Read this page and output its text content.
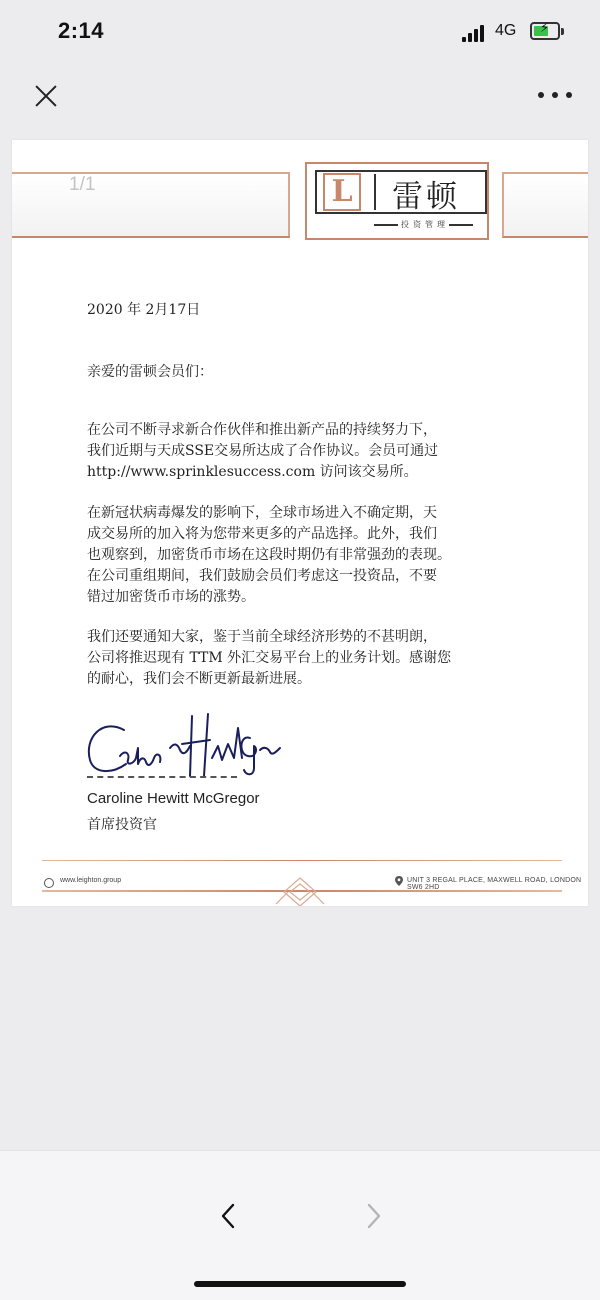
2:14	4G ⚡
1/1	L 雷顿
投资管理

2020 年 2月17日

亲爱的雷顿会员们：

在公司不断寻求新合作伙伴和推出新产品的持续努力下，

我们近期与天成SSE交易所达成了合作协议。会员可通过

http://www.sprinklesuccess.com 访问该交易所。

在新冠状病毒爆发的影响下，全球市场进入不确定期，天

成交易所的加入将为您带来更多的产品选择。此外，我们

也观察到，加密货币市场在这段时期仍有非常强劲的表现。

在公司重组期间，我们鼓励会员们考虑这一投资品，不要

错过加密货币市场的涨势。

我们还要通知大家，鉴于当前全球经济形势的不甚明朗，

公司将推迟现有 TTM 外汇交易平台上的业务计划。感谢您

的耐心，我们会不断更新最新进展。

Caroline Hewitt McGregor
首席投资官
www.leighton.group	UNIT 3 REGAL PLACE, MAXWELL ROAD, LONDON SW6 2HD
